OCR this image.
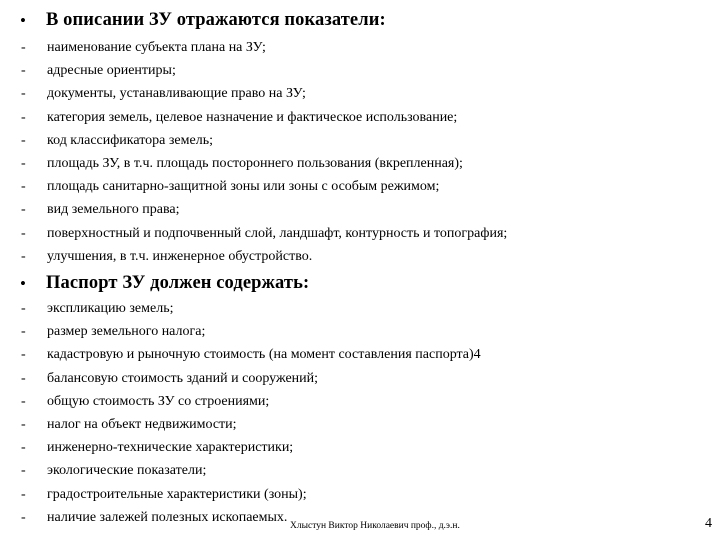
•	В описании ЗУ отражаются показатели:
- наименование субъекта плана на ЗУ;
- адресные ориентиры;
- документы, устанавливающие право на ЗУ;
- категория земель, целевое назначение и фактическое использование;
- код классификатора земель;
- площадь ЗУ, в т.ч. площадь постороннего пользования (вкрепленная);
- площадь санитарно-защитной зоны или зоны с особым режимом;
- вид земельного права;
- поверхностный и подпочвенный слой, ландшафт, контурность и топография;
- улучшения, в т.ч. инженерное обустройство.
•	Паспорт ЗУ должен содержать:
- экспликацию земель;
- размер земельного налога;
- кадастровую и рыночную стоимость (на момент составления паспорта)4
- балансовую стоимость зданий и сооружений;
- общую стоимость ЗУ со строениями;
- налог на объект недвижимости;
- инженерно-технические характеристики;
- экологические показатели;
- градостроительные характеристики (зоны);
- наличие залежей полезных ископаемых.
Хлыстун Виктор Николаевич проф., д.э.н.	4
